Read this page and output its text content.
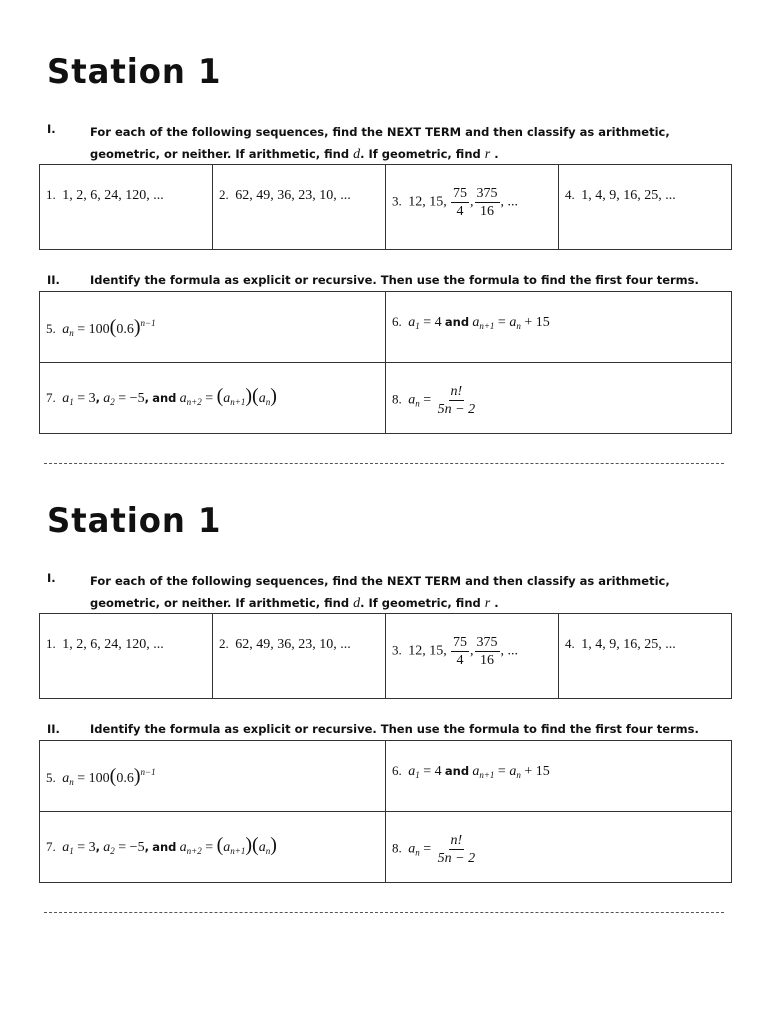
Station 1
I.	For each of the following sequences, find the NEXT TERM and then classify as arithmetic,
geometric, or neither. If arithmetic, find d. If geometric, find r .
1. 1, 2, 6, 24, 120, ...	2. 62, 49, 36, 23, 10, ...	3. 12, 15, $\frac{75}{4}$ , $\frac{375}{16}$ , ...	4. 1, 4, 9, 16, 25, ...
II.	Identify the formula as explicit or recursive. Then use the formula to find the first four terms.
5. $a_n = 100(0.6)^{n-1}$	6. $a_1 = 4$ and $a_{n+1} = a_n + 15$

7. $a_1 = 3$, $a_2 = -5$, and $a_{n+2} = (a_{n+1})(a_n)$	8. $a_n = \frac{n!}{5n - 2}$
Station 1
I.	For each of the following sequences, find the NEXT TERM and then classify as arithmetic,
geometric, or neither. If arithmetic, find d. If geometric, find r .
1. 1, 2, 6, 24, 120, ...	2. 62, 49, 36, 23, 10, ...	3. 12, 15, $\frac{75}{4}$ , $\frac{375}{16}$ , ...	4. 1, 4, 9, 16, 25, ...
II.	Identify the formula as explicit or recursive. Then use the formula to find the first four terms.
5. $a_n = 100(0.6)^{n-1}$	6. $a_1 = 4$ and $a_{n+1} = a_n + 15$

7. $a_1 = 3$, $a_2 = -5$, and $a_{n+2} = (a_{n+1})(a_n)$	8. $a_n = \frac{n!}{5n - 2}$
